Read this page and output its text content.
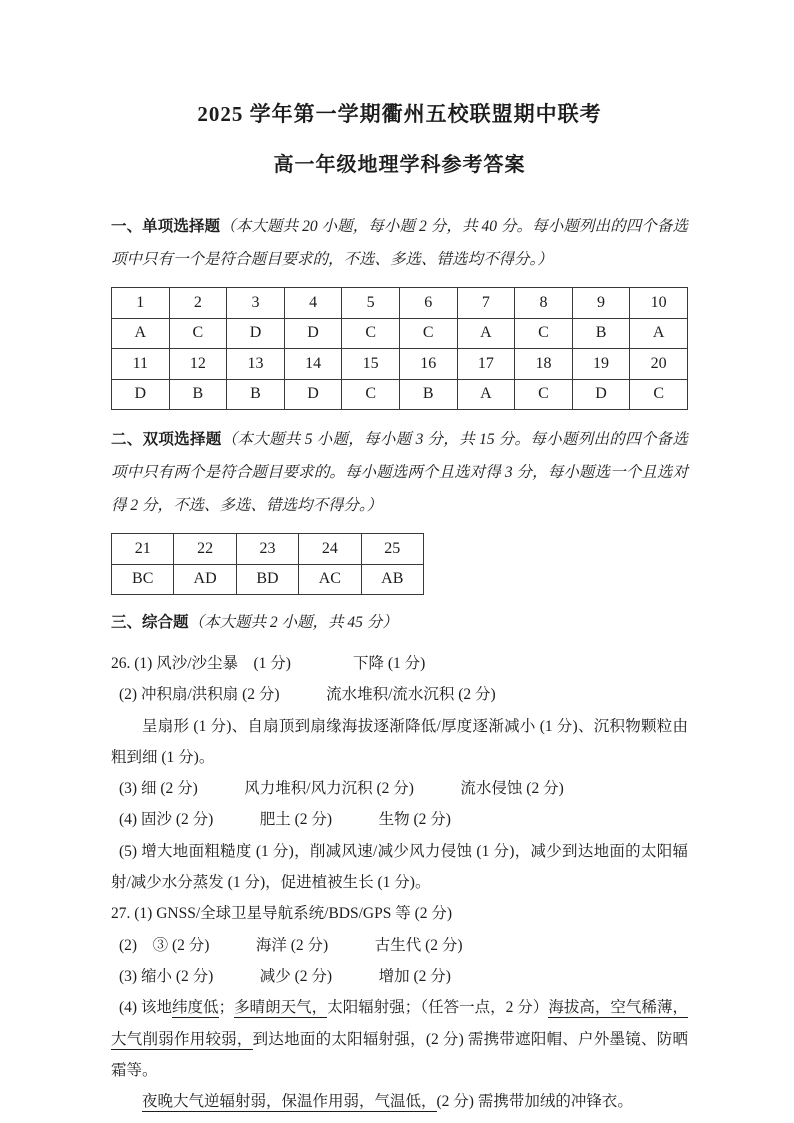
2025 学年第一学期衢州五校联盟期中联考
高一年级地理学科参考答案

一、单项选择题（本大题共 20 小题，每小题 2 分，共 40 分。每小题列出的四个备选项中只有一个是符合题目要求的，不选、多选、错选均不得分。）

1	2	3	4	5	6	7	8	9	10
A	C	D	D	C	C	A	C	B	A
11	12	13	14	15	16	17	18	19	20
D	B	B	D	C	B	A	C	D	C

二、双项选择题（本大题共 5 小题，每小题 3 分，共 15 分。每小题列出的四个备选项中只有两个是符合题目要求的。每小题选两个且选对得 3 分，每小题选一个且选对得 2 分，不选、多选、错选均不得分。）

21	22	23	24	25
BC	AD	BD	AC	AB

三、综合题（本大题共 2 小题，共 45 分）

26. (1) 风沙/沙尘暴　(1 分)　　　　下降 (1 分)

(2) 冲积扇/洪积扇 (2 分)　　　流水堆积/流水沉积 (2 分)

呈扇形 (1 分)、自扇顶到扇缘海拔逐渐降低/厚度逐渐减小 (1 分)、沉积物颗粒由粗到细 (1 分)。

(3) 细 (2 分)　　　风力堆积/风力沉积 (2 分)　　　流水侵蚀 (2 分)

(4) 固沙 (2 分)　　　肥土 (2 分)　　　生物 (2 分)

(5) 增大地面粗糙度 (1 分)，削减风速/减少风力侵蚀 (1 分)，减少到达地面的太阳辐射/减少水分蒸发 (1 分)，促进植被生长 (1 分)。

27. (1) GNSS/全球卫星导航系统/BDS/GPS 等 (2 分)

(2)　③ (2 分)　　　海洋 (2 分)　　　古生代 (2 分)

(3) 缩小 (2 分)　　　减少 (2 分)　　　增加 (2 分)

(4) 该地纬度低；多晴朗天气，太阳辐射强；（任答一点，2 分）海拔高，空气稀薄，大气削弱作用较弱，到达地面的太阳辐射强，(2 分) 需携带遮阳帽、户外墨镜、防晒霜等。

夜晚大气逆辐射弱，保温作用弱，气温低，(2 分) 需携带加绒的冲锋衣。
